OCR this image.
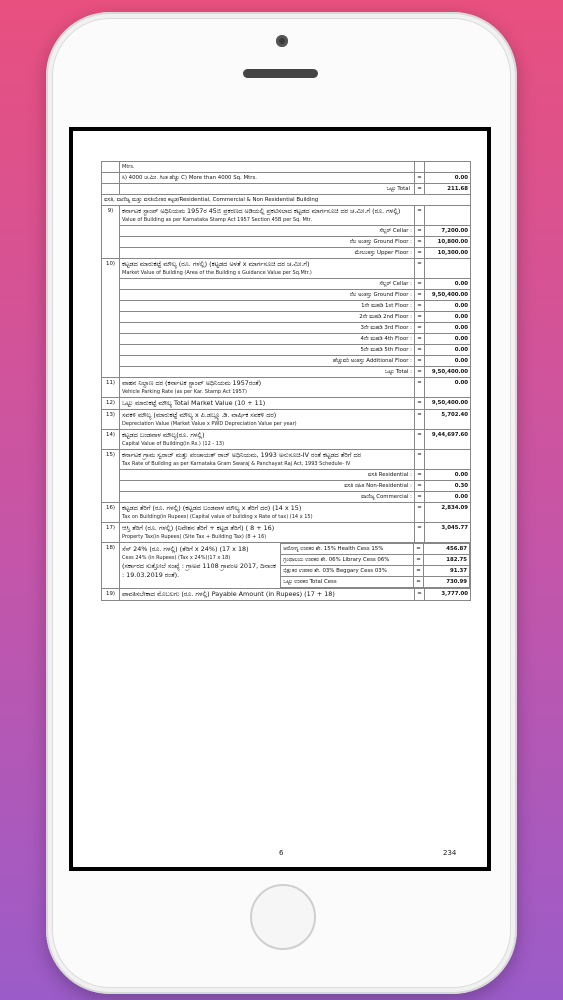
	Mtrs.		
	ಸಿ) 4000 ಚ.ಮೀ. ಗಿಂತ ಹೆಚ್ಚು C) More than 4000 Sq. Mtrs.	=	0.00
	ಒಟ್ಟು Total	=	211.68
ವಸತಿ, ವಾಣಿಜ್ಯ ಮತ್ತು ವಸತಿಯೇತರ ಕಟ್ಟಡ/Residential, Commercial & Non Residential Building
9)	ಕರ್ನಾಟಕ ಸ್ಟಾಂಪ್ ಅಧಿನಿಯಮ 1957ರ 45ಬಿ ಪ್ರಕರಣದ ಅಡಿಯಲ್ಲಿ ಪ್ರಕಟಿಸಲಾದ ಕಟ್ಟಡದ ಮಾರ್ಗಸೂಚಿ ದರ ಚ.ಮೀ.ಗೆ (ರೂ. ಗಳಲ್ಲಿ)
Value of Building as per Karnataka Stamp Act 1957 Section 45B per Sq. Mtr.
	=	
ಸೆಲ್ಲರ್ Cellar :	=	7,200.00
ನೆಲ ಅಂತಸ್ತು Ground Floor :	=	10,800.00
ಮೇಲಂತಸ್ತು Upper Floor :	=	10,300.00
10)	ಕಟ್ಟಡದ ಮಾರುಕಟ್ಟೆ ಮೌಲ್ಯ (ರೂ. ಗಳಲ್ಲಿ) (ಕಟ್ಟಡದ ಅಳತೆ x ಮಾರ್ಗಸೂಚಿ ದರ ಚ.ಮೀ.ಗೆ)
Market Value of Building (Area of the Building x Guidance Value per Sq.Mtr.)
	=	
ಸೆಲ್ಲರ್ Cellar :	=	0.00
ನೆಲ ಅಂತಸ್ತು Ground Floor :	=	9,50,400.00
1ನೇ ಮಹಡಿ 1st Floor :	=	0.00
2ನೇ ಮಹಡಿ 2nd Floor :	=	0.00
3ನೇ ಮಹಡಿ 3rd Floor :	=	0.00
4ನೇ ಮಹಡಿ 4th Floor :	=	0.00
5ನೇ ಮಹಡಿ 5th Floor :	=	0.00
ಹೆಚ್ಚುವರಿ ಅಂತಸ್ತು Additional Floor :	=	0.00
ಒಟ್ಟು Total :	=	9,50,400.00
11)	ವಾಹನ ನಿಲ್ದಾಣ ದರ (ಕರ್ನಾಟಕ ಸ್ಟಾಂಪ್ ಅಧಿನಿಯಮ 1957ರಂತೆ)
Vehicle Parking Rate (as per Kar. Stamp Act 1957)
	=	0.00
12)	ಒಟ್ಟು ಮಾರುಕಟ್ಟೆ ಮೌಲ್ಯ Total Market Value (10 + 11)	=	9,50,400.00
13)	ಸವಕಳಿ ಮೌಲ್ಯ (ಮಾರುಕಟ್ಟೆ ಮೌಲ್ಯ x ಪಿ.ಡಬ್ಲ್ಯೂ.ಡಿ. ವಾರ್ಷಿಕ ಸವಕಳಿ ದರ)
Depreciation Value (Market Value x PWD Depreciation Value per year)
	=	5,702.40
14)	ಕಟ್ಟಡದ ಬಂಡವಾಳ ಮೌಲ್ಯ(ರೂ. ಗಳಲ್ಲಿ)
Capital Value of Building(in Rs.) (12 - 13)
	=	9,44,697.60
15)	ಕರ್ನಾಟಕ ಗ್ರಾಮ ಸ್ವರಾಜ್ ಮತ್ತು ಪಂಚಾಯತ್ ರಾಜ್ ಅಧಿನಿಯಮ, 1993 ಅನುಸೂಚಿ-IV ರಂತೆ ಕಟ್ಟಡದ ತೆರಿಗೆ ದರ
Tax Rate of Building as per Karnataka Gram Swaraj & Panchayat Raj Act, 1993 Schedule- IV
	=	
ವಸತಿ Residential :	=	0.00
ವಸತಿ ರಹಿತ Non-Residential :	=	0.30
ವಾಣಿಜ್ಯ Commercial :	=	0.00
16)	ಕಟ್ಟಡದ ತೆರಿಗೆ (ರೂ. ಗಳಲ್ಲಿ) (ಕಟ್ಟಡದ ಬಂಡವಾಳ ಮೌಲ್ಯ x ತೆರಿಗೆ ದರ) (14 x 15)
Tax on Building(in Rupees) (Capital value of building x Rate of tax) (14 x 15)
	=	2,834.09
17)	ಆಸ್ತಿ ತೆರಿಗೆ (ರೂ. ಗಳಲ್ಲಿ) (ನಿವೇಶನ ತೆರಿಗೆ + ಕಟ್ಟಡ ತೆರಿಗೆ) ( 8 + 16)
Property Tax(in Rupees) (Site Tax + Building Tax) (8 + 16)
	=	3,045.77
18)	ಸೆಸ್ 24% (ರೂ. ಗಳಲ್ಲಿ) (ತೆರಿಗೆ x 24%) (17 x 18)
Cess 24% (in Rupees) (Tax x 24%)(17 x 18)
(ಸರ್ಕಾರದ ಸುತ್ತೋಲೆ ಸಂಖ್ಯೆ : ಗ್ರಾಅಪ 1108 ಗ್ರಾಪಂಅ 2017, ದಿನಾಂಕ : 19.03.2019 ರಂತೆ).
	ಆರೋಗ್ಯ ಉಪಕರ ಶೇ. 15% Health Cess 15%	=	456.87
ಗ್ರಂಥಾಲಯ ಉಪಕರ ಶೇ. 06% Library Cess 06%	=	182.75
ಭಿಕ್ಷುಕರ ಉಪಕರ ಶೇ. 03% Beggary Cess 03%	=	91.37
ಒಟ್ಟು ಉಪಕರ Total Cess	=	730.99

19)	ಪಾವತಿಸಬೇಕಾದ ಮೊಬಲಗು (ರೂ. ಗಳಲ್ಲಿ) Payable Amount (in Rupees) (17 + 18)	=	3,777.00
6	234
